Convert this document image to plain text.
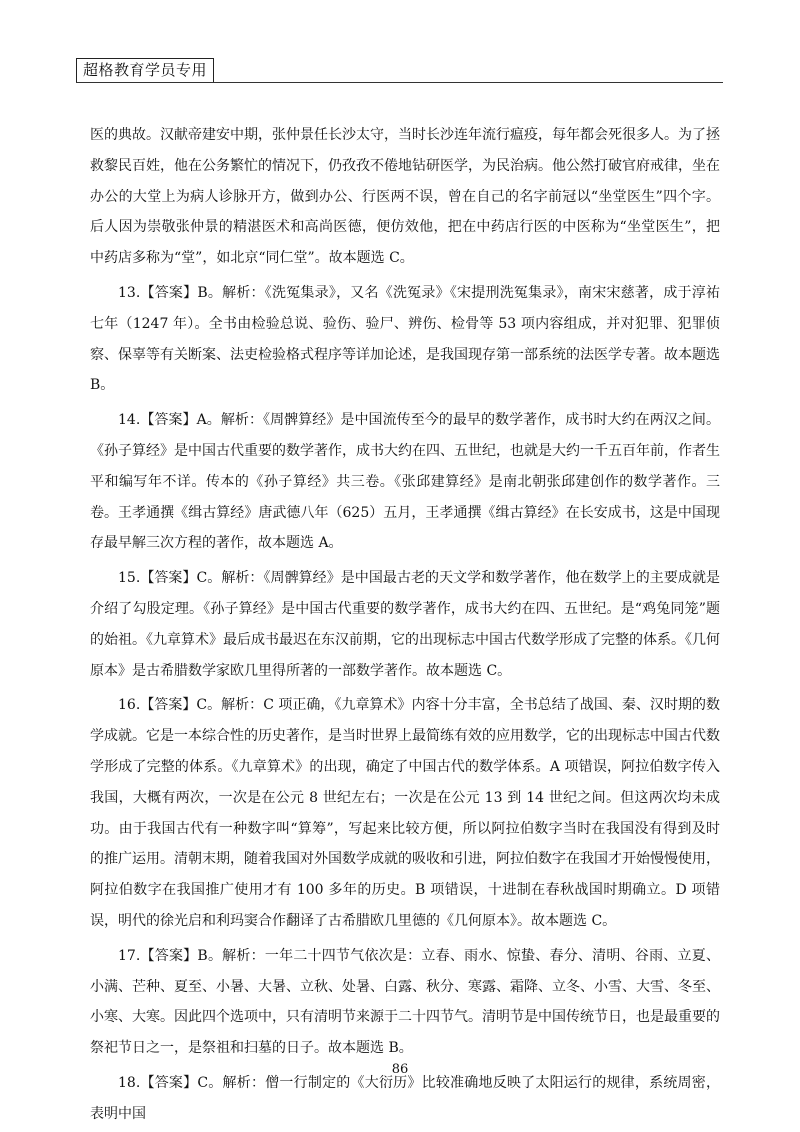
超格教育学员专用

医的典故。汉献帝建安中期，张仲景任长沙太守，当时长沙连年流行瘟疫，每年都会死很多人。为了拯救黎民百姓，他在公务繁忙的情况下，仍孜孜不倦地钻研医学，为民治病。他公然打破官府戒律，坐在办公的大堂上为病人诊脉开方，做到办公、行医两不误，曾在自己的名字前冠以“坐堂医生”四个字。后人因为崇敬张仲景的精湛医术和高尚医德，便仿效他，把在中药店行医的中医称为“坐堂医生”，把中药店多称为“堂”，如北京“同仁堂”。故本题选 C。

13.【答案】B。解析：《洗冤集录》，又名《洗冤录》《宋提刑洗冤集录》，南宋宋慈著，成于淳祐七年（1247 年）。全书由检验总说、验伤、验尸、辨伤、检骨等 53 项内容组成，并对犯罪、犯罪侦察、保辜等有关断案、法吏检验格式程序等详加论述，是我国现存第一部系统的法医学专著。故本题选 B。

14.【答案】A。解析：《周髀算经》是中国流传至今的最早的数学著作，成书时大约在两汉之间。《孙子算经》是中国古代重要的数学著作，成书大约在四、五世纪，也就是大约一千五百年前，作者生平和编写年不详。传本的《孙子算经》共三卷。《张邱建算经》是南北朝张邱建创作的数学著作。三卷。王孝通撰《缉古算经》唐武德八年（625）五月，王孝通撰《缉古算经》在长安成书，这是中国现存最早解三次方程的著作，故本题选 A。

15.【答案】C。解析：《周髀算经》是中国最古老的天文学和数学著作，他在数学上的主要成就是介绍了勾股定理。《孙子算经》是中国古代重要的数学著作，成书大约在四、五世纪。是“鸡兔同笼”题的始祖。《九章算术》最后成书最迟在东汉前期，它的出现标志中国古代数学形成了完整的体系。《几何原本》是古希腊数学家欧几里得所著的一部数学著作。故本题选 C。

16.【答案】C。解析：C 项正确，《九章算术》内容十分丰富，全书总结了战国、秦、汉时期的数学成就。它是一本综合性的历史著作，是当时世界上最简练有效的应用数学，它的出现标志中国古代数学形成了完整的体系。《九章算术》的出现，确定了中国古代的数学体系。A 项错误，阿拉伯数字传入我国，大概有两次，一次是在公元 8 世纪左右；一次是在公元 13 到 14 世纪之间。但这两次均未成功。由于我国古代有一种数字叫“算筹”，写起来比较方便，所以阿拉伯数字当时在我国没有得到及时的推广运用。清朝末期，随着我国对外国数学成就的吸收和引进，阿拉伯数字在我国才开始慢慢使用，阿拉伯数字在我国推广使用才有 100 多年的历史。B 项错误，十进制在春秋战国时期确立。D 项错误，明代的徐光启和利玛窦合作翻译了古希腊欧几里德的《几何原本》。故本题选 C。

17.【答案】B。解析：一年二十四节气依次是：立春、雨水、惊蛰、春分、清明、谷雨、立夏、小满、芒种、夏至、小暑、大暑、立秋、处暑、白露、秋分、寒露、霜降、立冬、小雪、大雪、冬至、小寒、大寒。因此四个选项中，只有清明节来源于二十四节气。清明节是中国传统节日，也是最重要的祭祀节日之一，是祭祖和扫墓的日子。故本题选 B。

18.【答案】C。解析：僧一行制定的《大衍历》比较准确地反映了太阳运行的规律，系统周密，表明中国

86
